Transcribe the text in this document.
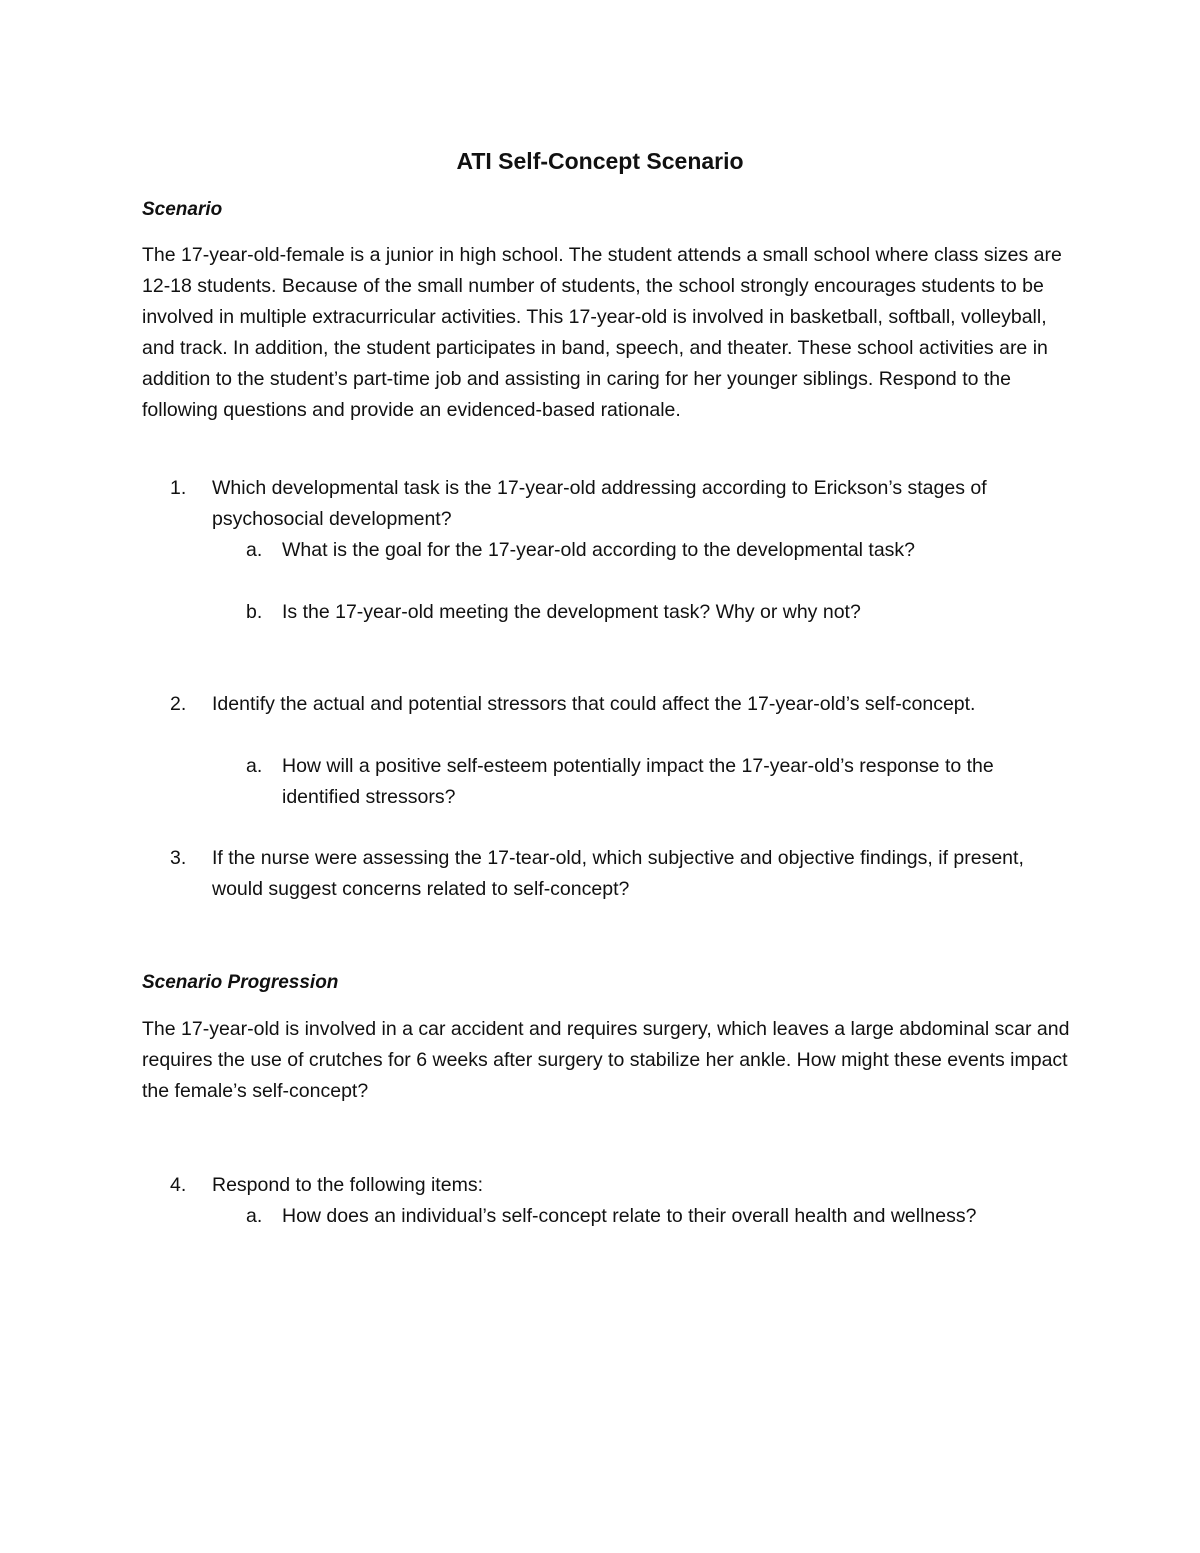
ATI Self-Concept Scenario
Scenario

The 17-year-old-female is a junior in high school. The student attends a small school where class sizes are 12-18 students. Because of the small number of students, the school strongly encourages students to be involved in multiple extracurricular activities. This 17-year-old is involved in basketball, softball, volleyball, and track. In addition, the student participates in band, speech, and theater. These school activities are in addition to the student’s part-time job and assisting in caring for her younger siblings. Respond to the following questions and provide an evidenced-based rationale.

1.	Which developmental task is the 17-year-old addressing according to Erickson’s stages of psychosocial development?
a.	What is the goal for the 17-year-old according to the developmental task?
b.	Is the 17-year-old meeting the development task? Why or why not?
2.	Identify the actual and potential stressors that could affect the 17-year-old’s self-concept.
a.	How will a positive self-esteem potentially impact the 17-year-old’s response to the identified stressors?
3.	If the nurse were assessing the 17-tear-old, which subjective and objective findings, if present, would suggest concerns related to self-concept?
Scenario Progression

The 17-year-old is involved in a car accident and requires surgery, which leaves a large abdominal scar and requires the use of crutches for 6 weeks after surgery to stabilize her ankle. How might these events impact the female’s self-concept?

4.	Respond to the following items:
a.	How does an individual’s self-concept relate to their overall health and wellness?
